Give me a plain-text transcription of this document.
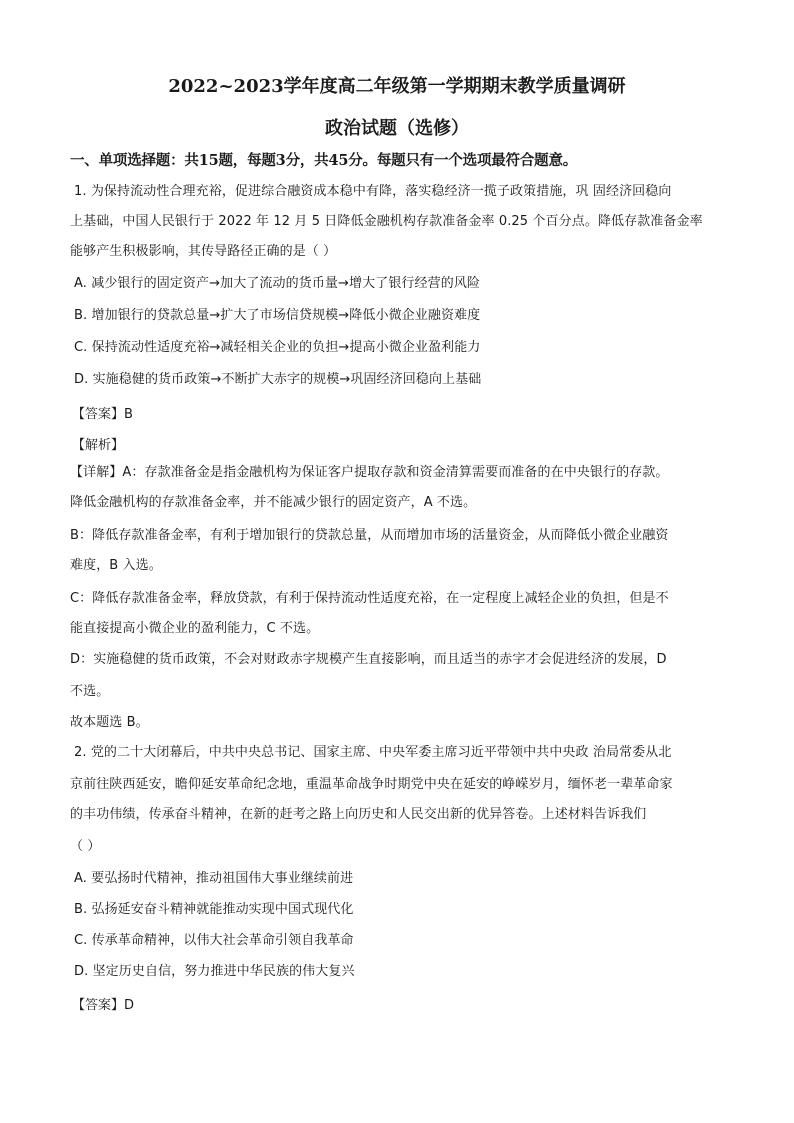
2022~2023学年度高二年级第一学期期末教学质量调研
政治试题（选修）
一、单项选择题：共15题，每题3分，共45分。每题只有一个选项最符合题意。
1. 为保持流动性合理充裕，促进综合融资成本稳中有降，落实稳经济一揽子政策措施，巩 固经济回稳向
上基础，中国人民银行于 2022 年 12 月 5 日降低金融机构存款准备金率 0.25 个百分点。降低存款准备金率
能够产生积极影响，其传导路径正确的是（ ）
A. 减少银行的固定资产→加大了流动的货币量→增大了银行经营的风险
B. 增加银行的贷款总量→扩大了市场信贷规模→降低小微企业融资难度
C. 保持流动性适度充裕→减轻相关企业的负担→提高小微企业盈利能力
D. 实施稳健的货币政策→不断扩大赤字的规模→巩固经济回稳向上基础
【答案】B
【解析】
【详解】A：存款准备金是指金融机构为保证客户提取存款和资金清算需要而准备的在中央银行的存款。
降低金融机构的存款准备金率，并不能减少银行的固定资产，A 不选。
B：降低存款准备金率，有利于增加银行的贷款总量，从而增加市场的活量资金，从而降低小微企业融资
难度，B 入选。
C：降低存款准备金率，释放贷款，有利于保持流动性适度充裕，在一定程度上减轻企业的负担，但是不
能直接提高小微企业的盈利能力，C 不选。
D：实施稳健的货币政策，不会对财政赤字规模产生直接影响，而且适当的赤字才会促进经济的发展，D
不选。
故本题选 B。
2. 党的二十大闭幕后，中共中央总书记、国家主席、中央军委主席习近平带领中共中央政 治局常委从北
京前往陕西延安，瞻仰延安革命纪念地，重温革命战争时期党中央在延安的峥嵘岁月，缅怀老一辈革命家
的丰功伟绩，传承奋斗精神，在新的赶考之路上向历史和人民交出新的优异答卷。上述材料告诉我们
（ ）
A. 要弘扬时代精神，推动祖国伟大事业继续前进
B. 弘扬延安奋斗精神就能推动实现中国式现代化
C. 传承革命精神，以伟大社会革命引领自我革命
D. 坚定历史自信，努力推进中华民族的伟大复兴
【答案】D
